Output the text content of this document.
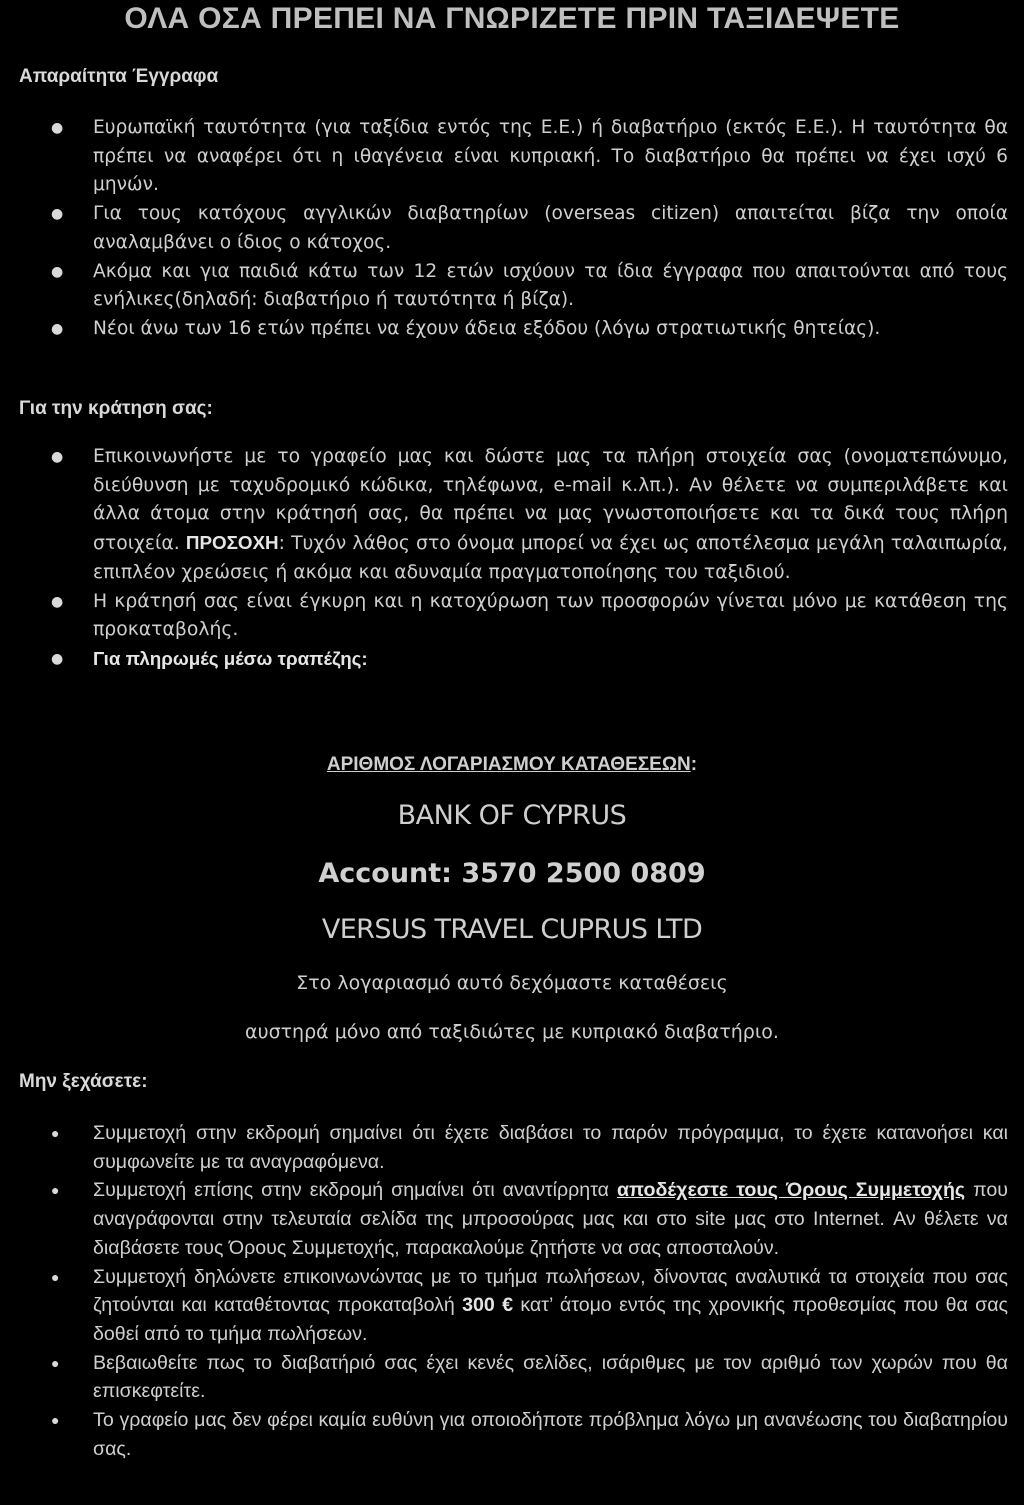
ΟΛΑ ΟΣΑ ΠΡΕΠΕΙ ΝΑ ΓΝΩΡΙΖΕΤΕ ΠΡΙΝ ΤΑΞΙΔΕΨΕΤΕ
Απαραίτητα Έγγραφα
● Ευρωπαϊκή ταυτότητα (για ταξίδια εντός της Ε.Ε.) ή διαβατήριο (εκτός Ε.Ε.). Η ταυτότητα θα πρέπει να αναφέρει ότι η ιθαγένεια είναι κυπριακή. Το διαβατήριο θα πρέπει να έχει ισχύ 6 μηνών.
● Για τους κατόχους αγγλικών διαβατηρίων (overseas citizen) απαιτείται βίζα την οποία αναλαμβάνει ο ίδιος ο κάτοχος.
● Ακόμα και για παιδιά κάτω των 12 ετών ισχύουν τα ίδια έγγραφα που απαιτούνται από τους ενήλικες(δηλαδή: διαβατήριο ή ταυτότητα ή βίζα).
● Νέοι άνω των 16 ετών πρέπει να έχουν άδεια εξόδου (λόγω στρατιωτικής θητείας).
Για την κράτηση σας:
● Επικοινωνήστε με το γραφείο μας και δώστε μας τα πλήρη στοιχεία σας (ονοματεπώνυμο, διεύθυνση με ταχυδρομικό κώδικα, τηλέφωνα, e-mail κ.λπ.). Αν θέλετε να συμπεριλάβετε και άλλα άτομα στην κράτησή σας, θα πρέπει να μας γνωστοποιήσετε και τα δικά τους πλήρη στοιχεία. ΠΡΟΣΟΧΗ: Τυχόν λάθος στο όνομα μπορεί να έχει ως αποτέλεσμα μεγάλη ταλαιπωρία, επιπλέον χρεώσεις ή ακόμα και αδυναμία πραγματοποίησης του ταξιδιού.
● Η κράτησή σας είναι έγκυρη και η κατοχύρωση των προσφορών γίνεται μόνο με κατάθεση της προκαταβολής.
● Για πληρωμές μέσω τραπέζης:
ΑΡΙΘΜΟΣ ΛΟΓΑΡΙΑΣΜΟΥ ΚΑΤΑΘΕΣΕΩΝ:
BANK OF CYPRUS
Account: 3570 2500 0809
VERSUS TRAVEL CUPRUS LTD
Στο λογαριασμό αυτό δεχόμαστε καταθέσεις
αυστηρά μόνο από ταξιδιώτες με κυπριακό διαβατήριο.
Μην ξεχάσετε:
● Συμμετοχή στην εκδρομή σημαίνει ότι έχετε διαβάσει το παρόν πρόγραμμα, το έχετε κατανοήσει και συμφωνείτε με τα αναγραφόμενα.
● Συμμετοχή επίσης στην εκδρομή σημαίνει ότι αναντίρρητα αποδέχεστε τους Όρους Συμμετοχής που αναγράφονται στην τελευταία σελίδα της μπροσούρας μας και στο site μας στο Internet. Αν θέλετε να διαβάσετε τους Όρους Συμμετοχής, παρακαλούμε ζητήστε να σας αποσταλούν.
● Συμμετοχή δηλώνετε επικοινωνώντας με το τμήμα πωλήσεων, δίνοντας αναλυτικά τα στοιχεία που σας ζητούνται και καταθέτοντας προκαταβολή 300 € κατ’ άτομο εντός της χρονικής προθεσμίας που θα σας δοθεί από το τμήμα πωλήσεων.
● Βεβαιωθείτε πως το διαβατήριό σας έχει κενές σελίδες, ισάριθμες με τον αριθμό των χωρών που θα επισκεφτείτε.
● Το γραφείο μας δεν φέρει καμία ευθύνη για οποιοδήποτε πρόβλημα λόγω μη ανανέωσης του διαβατηρίου σας.
